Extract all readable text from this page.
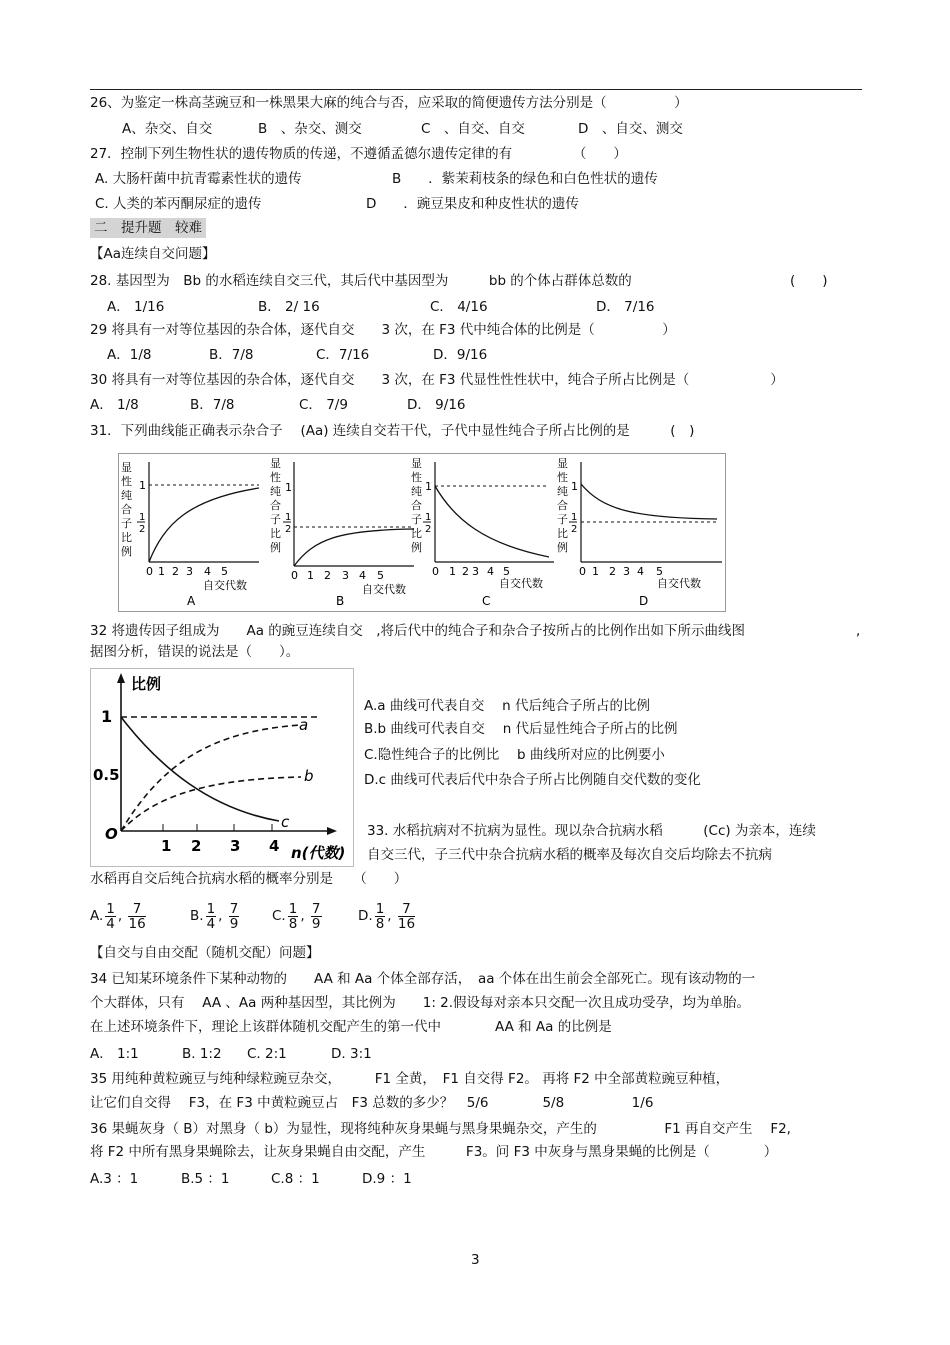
26、为鉴定一株高茎豌豆和一株黑果大麻的纯合与否，应采取的简便遗传方法分别是（　　　　　）
A、杂交、自交	B　、杂交、测交	C　、自交、自交	D　、自交、测交
27．控制下列生物性状的遗传物质的传递，不遵循孟德尔遗传定律的有　　　　　（　　）
A. 大肠杆菌中抗青霉素性状的遗传	B　　．紫茉莉枝条的绿色和白色性状的遗传
C. 人类的苯丙酮尿症的遗传	D　　．豌豆果皮和种皮性状的遗传
二　提升题　较难
【Aa连续自交问题】
28. 基因型为　Bb 的水稻连续自交三代，其后代中基因型为　　　bb 的个体占群体总数的	(　　)
A． 1/16	B． 2/ 16	C． 4/16	D． 7/16
29 将具有一对等位基因的杂合体，逐代自交　　3 次，在 F3 代中纯合体的比例是（　　　　　）
A．1/8	B．7/8	C．7/16	D．9/16
30 将具有一对等位基因的杂合体，逐代自交　　3 次，在 F3 代显性性性状中，纯合子所占比例是（　　　　　　）
A． 1/8	B．7/8	C． 7/9	D． 9/16
31．下列曲线能正确表示杂合子　 (Aa) 连续自交若干代，子代中显性纯合子所占比例的是　　　(　)
显
性
纯
合
子
比
例
1
1
2
0 1 2 3 4 5
自交代数
A
显
性
纯
合
子
比
例
1
1
2
0 1 2 3 4 5
自交代数
B
显
性
纯
合
子
比
例
1
1
2
0 1 2 3 4 5
自交代数
C
显
性
纯
合
子
比
例
1
1
2
0 1 2 3 4 5
自交代数
D
32 将遗传因子组成为　　Aa 的豌豆连续自交　,将后代中的纯合子和杂合子按所占的比例作出如下所示曲线图	,
据图分析，错误的说法是（　　）。
比例
1
0.5
O
1 2 3 4 n(代数)
a
b
c
A.a 曲线可代表自交　 n 代后纯合子所占的比例
B.b 曲线可代表自交　 n 代后显性纯合子所占的比例
C.隐性纯合子的比例比　 b 曲线所对应的比例要小
D.c 曲线可代表后代中杂合子所占比例随自交代数的变化
33. 水稻抗病对不抗病为显性。现以杂合抗病水稻　　　(Cc) 为亲本，连续
自交三代，子三代中杂合抗病水稻的概率及每次自交后均除去不抗病
水稻再自交后纯合抗病水稻的概率分别是　　（　　）
A. $\frac{1}{4}$ , $\frac{7}{16}$	B. $\frac{1}{4}$ , $\frac{7}{9} C$. $\frac{1}{8}$ , $\frac{7}{9}$	D. $\frac{1}{8}$ , $\frac{7}{16}$
【自交与自由交配（随机交配）问题】
34 已知某环境条件下某种动物的　　AA 和 Aa 个体全部存活，　aa 个体在出生前会全部死亡。现有该动物的一
个大群体，只有　 AA 、Aa 两种基因型，其比例为　　1: 2.假设每对亲本只交配一次且成功受孕，均为单胎。
在上述环境条件下，理论上该群体随机交配产生的第一代中　　　　AA 和 Aa 的比例是
A． 1:1	B. 1:2 C. 2:1	D. 3:1
35 用纯种黄粒豌豆与纯种绿粒豌豆杂交，　　　F1 全黄，　F1 自交得 F2。 再将 F2 中全部黄粒豌豆种植，
让它们自交得　 F3，在 F3 中黄粒豌豆占　F3 总数的多少？　5/6　　　　5/8　　　　　1/6
36 果蝇灰身（ B）对黑身（ b）为显性，现将纯种灰身果蝇与黑身果蝇杂交，产生的　　　　　F1 再自交产生　 F2,
将 F2 中所有黑身果蝇除去，让灰身果蝇自由交配，产生　　　F3。问 F3 中灰身与黑身果蝇的比例是（　　　　）
A.3 ：1	B.5 ：1	C.8 ：1	D.9 ：1
3
